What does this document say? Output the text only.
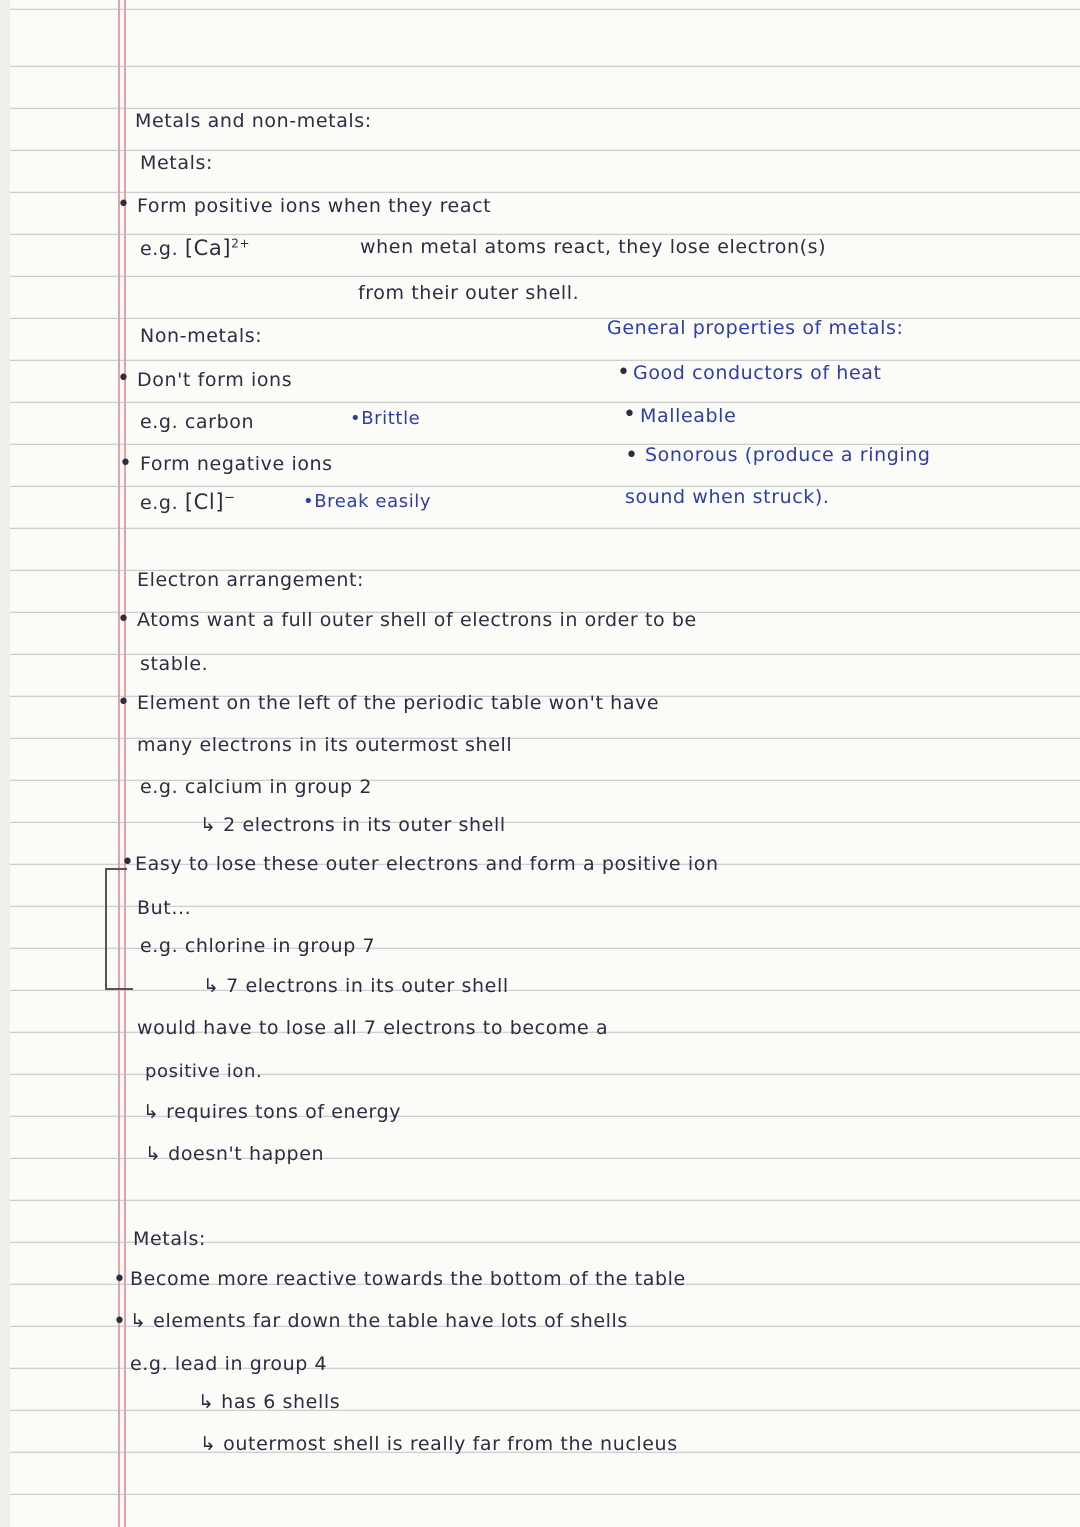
Metals and non-metals:
Metals:
• Form positive ions when they react
e.g. $[Ca]^{2+}$	when metal atoms react, they lose electron(s)
from their outer shell.
Non-metals:	General properties of metals:
• Don't form ions	• Good conductors of heat
e.g. carbon	•Brittle	• Malleable
• Form negative ions	• Sonorous (produce a ringing
e.g. [Cl]−	•Break easily	sound when struck).
Electron arrangement:
• Atoms want a full outer shell of electrons in order to be
stable.
• Element on the left of the periodic table won't have
many electrons in its outermost shell
e.g. calcium in group 2
↳ 2 electrons in its outer shell
• Easy to lose these outer electrons and form a positive ion
But...
e.g. chlorine in group 7
↳ 7 electrons in its outer shell
would have to lose all 7 electrons to become a
positive ion.
↳ requires tons of energy
↳ doesn't happen
Metals:
• Become more reactive towards the bottom of the table
• ↳ elements far down the table have lots of shells
e.g. lead in group 4
↳ has 6 shells
↳ outermost shell is really far from the nucleus
